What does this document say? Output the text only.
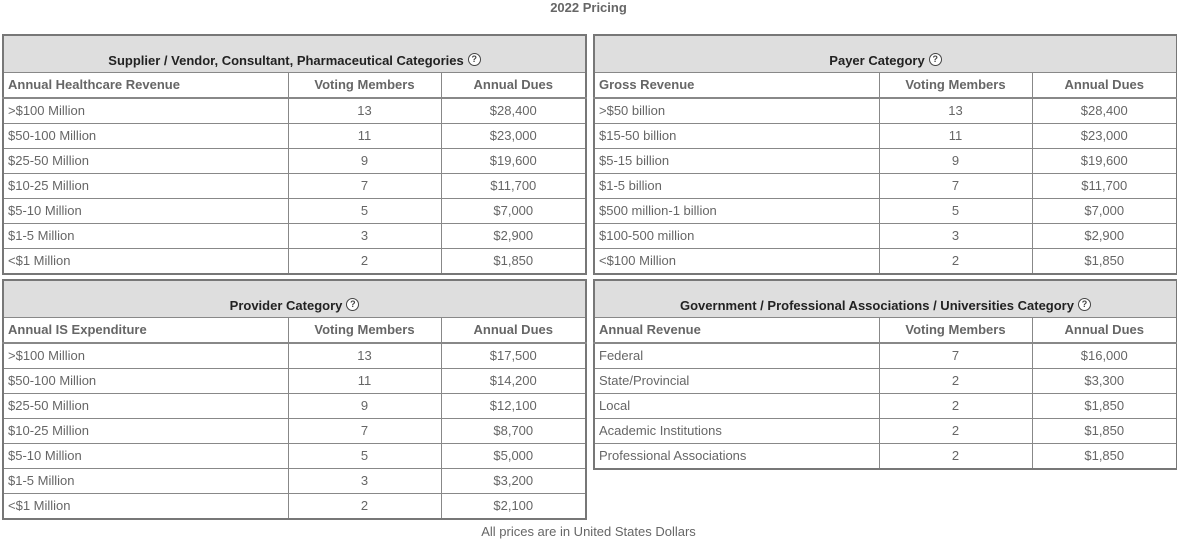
2022 Pricing
Supplier / Vendor, Consultant, Pharmaceutical Categories ?		
Annual Healthcare Revenue	Voting Members	Annual Dues
>$100 Million	13	$28,400
$50-100 Million	11	$23,000
$25-50 Million	9	$19,600
$10-25 Million	7	$11,700
$5-10 Million	5	$7,000
$1-5 Million	3	$2,900
<$1 Million	2	$1,850
Payer Category ?		
Gross Revenue	Voting Members	Annual Dues
>$50 billion	13	$28,400
$15-50 billion	11	$23,000
$5-15 billion	9	$19,600
$1-5 billion	7	$11,700
$500 million-1 billion	5	$7,000
$100-500 million	3	$2,900
<$100 Million	2	$1,850
Provider Category ?		
Annual IS Expenditure	Voting Members	Annual Dues
>$100 Million	13	$17,500
$50-100 Million	11	$14,200
$25-50 Million	9	$12,100
$10-25 Million	7	$8,700
$5-10 Million	5	$5,000
$1-5 Million	3	$3,200
<$1 Million	2	$2,100
Government / Professional Associations / Universities Category ?		
Annual Revenue	Voting Members	Annual Dues
Federal	7	$16,000
State/Provincial	2	$3,300
Local	2	$1,850
Academic Institutions	2	$1,850
Professional Associations	2	$1,850
All prices are in United States Dollars
